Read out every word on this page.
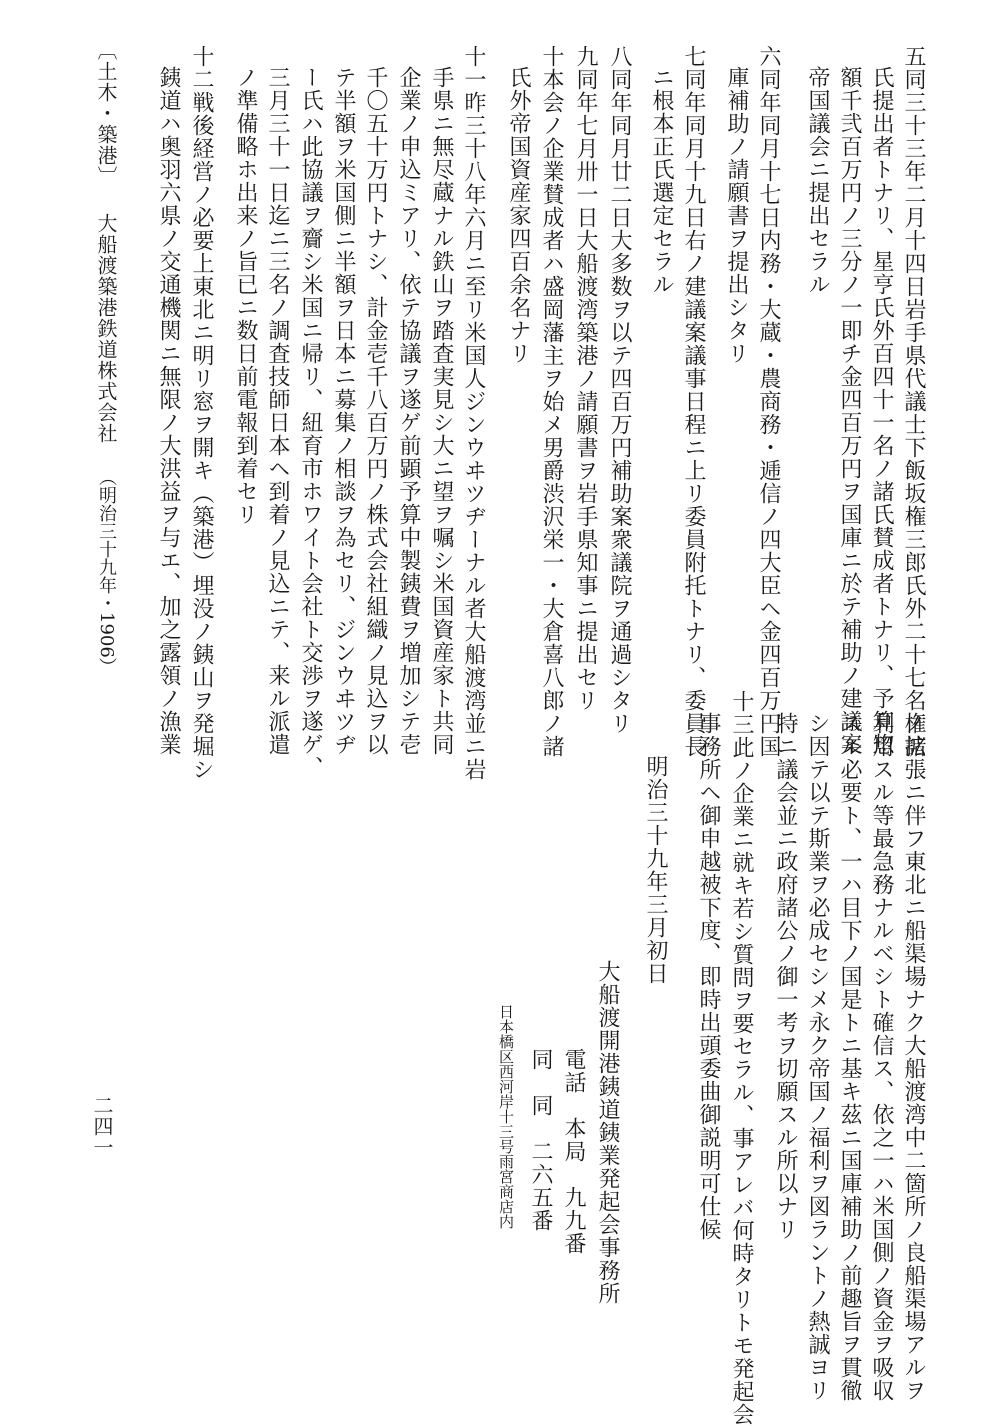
五同三十三年二月十四日岩手県代議士下飯坂権三郎氏外二十七名ノ諸
氏提出者トナリ、星亨氏外百四十一名ノ諸氏賛成者トナリ、予算惣
額千弐百万円ノ三分ノ一即チ金四百万円ヲ国庫ニ於テ補助ノ建議案
帝国議会ニ提出セラル
六同年同月十七日内務・大蔵・農商務・逓信ノ四大臣ヘ金四百万円国
庫補助ノ請願書ヲ提出シタリ
七同年同月十九日右ノ建議案議事日程ニ上リ委員附托トナリ、委員長
ニ根本正氏選定セラル
八同年同月廿二日大多数ヲ以テ四百万円補助案衆議院ヲ通過シタリ
九同年七月卅一日大船渡湾築港ノ請願書ヲ岩手県知事ニ提出セリ
十本会ノ企業賛成者ハ盛岡藩主ヲ始メ男爵渋沢栄一・大倉喜八郎ノ諸
氏外帝国資産家四百余名ナリ
十一昨三十八年六月ニ至リ米国人ジンウヰツヂーナル者大船渡湾並ニ岩
手県ニ無尽蔵ナル鉄山ヲ踏査実見シ大ニ望ヲ嘱シ米国資産家ト共同
企業ノ申込ミアリ、依テ協議ヲ遂ゲ前顕予算中製銕費ヲ増加シテ壱
千〇五十万円トナシ、計金壱千八百万円ノ株式会社組織ノ見込ヲ以
テ半額ヲ米国側ニ半額ヲ日本ニ募集ノ相談ヲ為セリ、ジンウヰツヂ
ー氏ハ此協議ヲ齎シ米国ニ帰リ、紐育市ホワイト会社ト交渉ヲ遂ゲ、
三月三十一日迄ニ三名ノ調査技師日本ヘ到着ノ見込ニテ、来ル派遣
ノ準備略ホ出来ノ旨已ニ数日前電報到着セリ
十二戦後経営ノ必要上東北ニ明リ窓ヲ開キ（築港）埋没ノ銕山ヲ発堀シ
銕道ハ奥羽六県ノ交通機関ニ無限ノ大洪益ヲ与エ、加之露領ノ漁業
〔土木・築港〕大船渡築港鉄道株式会社（明治三十九年・1906）
権拡張ニ伴フ東北ニ船渠場ナク大船渡湾中二箇所ノ良船渠場アルヲ
利用スル等最急務ナルベシト確信ス、依之一ハ米国側ノ資金ヲ吸収
スル必要ト、一ハ目下ノ国是トニ基キ茲ニ国庫補助ノ前趣旨ヲ貫徹
シ因テ以テ斯業ヲ必成セシメ永ク帝国ノ福利ヲ図ラントノ熱誠ヨリ
特ニ議会並ニ政府諸公ノ御一考ヲ切願スル所以ナリ
十三此ノ企業ニ就キ若シ質問ヲ要セラル、事アレバ何時タリトモ発起会
事務所ヘ御申越被下度、即時出頭委曲御説明可仕候
明治三十九年三月初日
大船渡開港銕道銕業発起会事務所
電話　本局　九九番
同　同　二六五番
日本橋区西河岸十三号雨宮商店内
二四一
